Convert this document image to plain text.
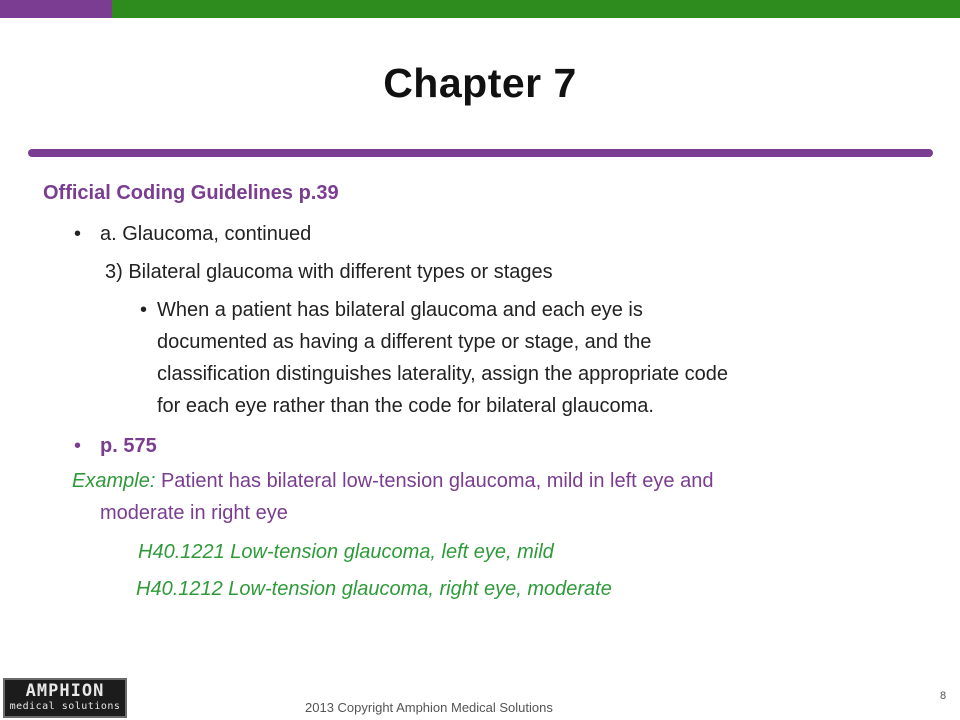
Chapter 7
Official Coding Guidelines p.39
• a. Glaucoma, continued
3) Bilateral glaucoma with different types or stages
• When a patient has bilateral glaucoma and each eye is
documented as having a different type or stage, and the
classification distinguishes laterality, assign the appropriate code
for each eye rather than the code for bilateral glaucoma.
• p. 575
Example: Patient has bilateral low-tension glaucoma, mild in left eye and
moderate in right eye
H40.1221 Low-tension glaucoma, left eye, mild
H40.1212 Low-tension glaucoma, right eye, moderate
AMPHION
medical solutions	2013 Copyright Amphion Medical Solutions
8
